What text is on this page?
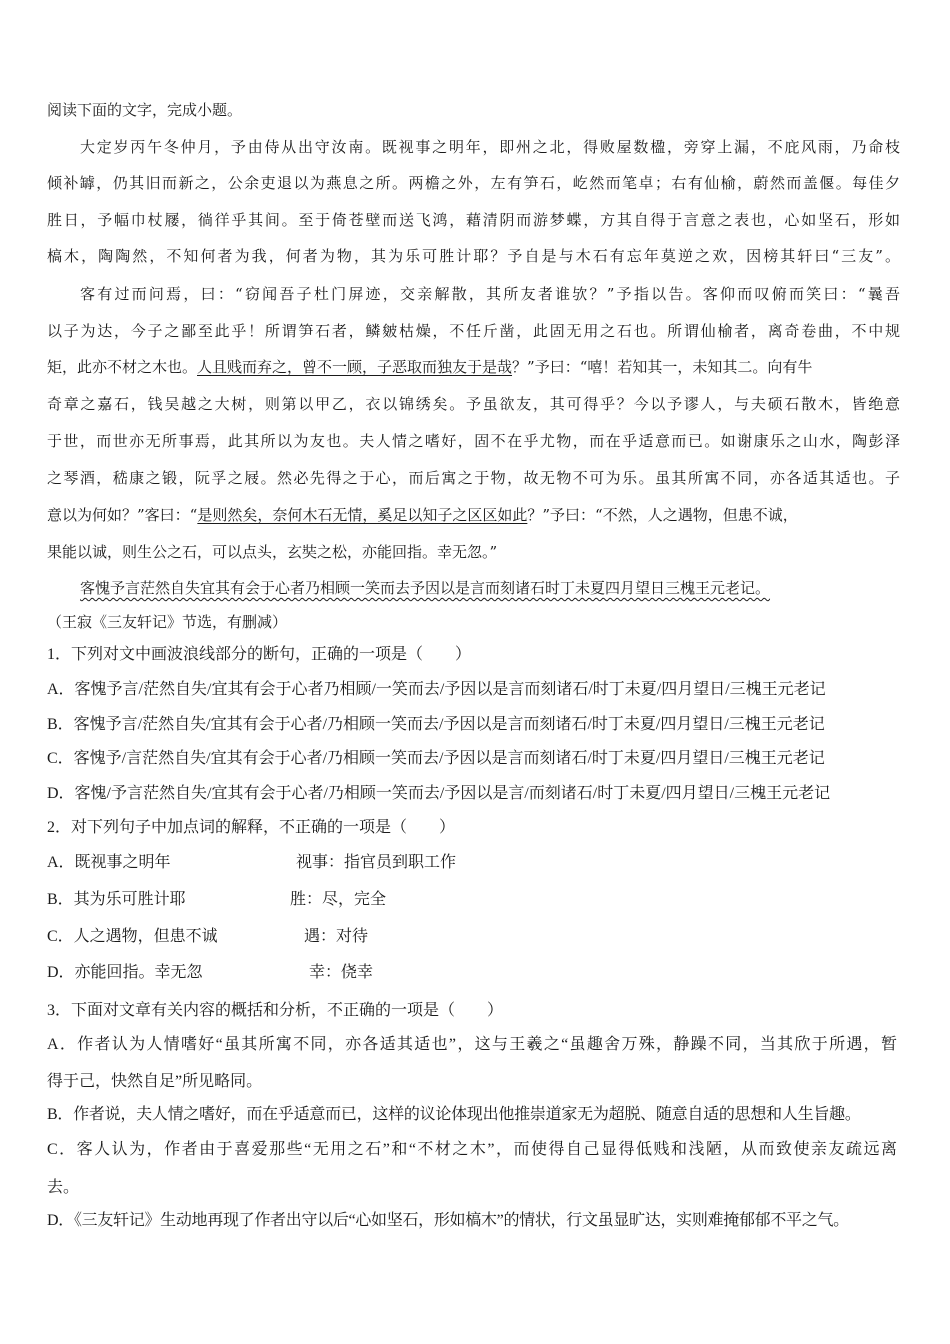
阅读下面的文字，完成小题。
大定岁丙午冬仲月，予由侍从出守汝南。既视事之明年，即州之北，得败屋数楹，旁穿上漏，不庇风雨，乃命枝
倾补罅，仍其旧而新之，公余吏退以为燕息之所。两檐之外，左有笋石，屹然而笔卓；右有仙榆，蔚然而盖偃。每佳夕
胜日，予幅巾杖屦，徜徉乎其间。至于倚苍壁而送飞鸿，藉清阴而游梦蝶，方其自得于言意之表也，心如坚石，形如
槁木，陶陶然，不知何者为我，何者为物，其为乐可胜计耶？予自是与木石有忘年莫逆之欢，因榜其轩曰“三友”。
客有过而问焉，曰：“窃闻吾子杜门屏迹，交亲解散，其所友者谁欤？”予指以告。客仰而叹俯而笑曰：“曩吾
以子为达，今子之鄙至此乎！所谓笋石者，鳞皴枯燥，不任斤凿，此固无用之石也。所谓仙榆者，离奇卷曲，不中规
矩，此亦不材之木也。 人且贱而弃之，曾不一顾，子恶取而独友于是哉 ？”予曰：“嘻！若知其一，未知其二。向有牛
奇章之嘉石，钱吴越之大树，则第以甲乙，衣以锦绣矣。予虽欲友，其可得乎？今以予谬人，与夫硕石散木，皆绝意
于世，而世亦无所事焉，此其所以为友也。夫人情之嗜好，固不在乎尤物，而在乎适意而已。如谢康乐之山水，陶彭泽
之琴酒，嵇康之锻，阮孚之屐。然必先得之于心，而后寓之于物，故无物不可为乐。虽其所寓不同，亦各适其适也。子
意以为何如？”客曰：“是则然矣，奈何木石无情，奚足以知子之区区如此？”予曰：“不然，人之遇物，但患不诚，
果能以诚，则生公之石，可以点头，玄奘之松，亦能回指。幸无忽。”
客愧予言茫然自失宜其有会于心者乃相顾一笑而去予因以是言而刻诸石时丁未夏四月望日三槐王元老记。
（王寂《三友轩记》节选，有删减）
1．下列对文中画波浪线部分的断句，正确的一项是（　　）
A．客愧予言/茫然自失/宜其有会于心者乃相顾/一笑而去/予因以是言而刻诸石/时丁未夏/四月望日/三槐王元老记
B．客愧予言/茫然自失/宜其有会于心者/乃相顾一笑而去/予因以是言而刻诸石/时丁未夏/四月望日/三槐王元老记
C．客愧予/言茫然自失/宜其有会于心者/乃相顾一笑而去/予因以是言而刻诸石/时丁未夏/四月望日/三槐王元老记
D．客愧/予言茫然自失/宜其有会于心者/乃相顾一笑而去/予因以是言/而刻诸石/时丁未夏/四月望日/三槐王元老记
2．对下列句子中加点词的解释，不正确的一项是（　　）
A．既视事之明年	视事：指官员到职工作
B．其为乐可胜计耶	胜：尽，完全
C．人之遇物，但患不诚	遇：对待
D．亦能回指。幸无忽	幸：侥幸
3．下面对文章有关内容的概括和分析，不正确的一项是（　　）
A．作者认为人情嗜好“虽其所寓不同，亦各适其适也”，这与王羲之“虽趣舍万殊，静躁不同，当其欣于所遇，暂
得于己，快然自足”所见略同。
B．作者说，夫人情之嗜好，而在乎适意而已，这样的议论体现出他推崇道家无为超脱、随意自适的思想和人生旨趣。
C．客人认为，作者由于喜爱那些“无用之石”和“不材之木”，而使得自己显得低贱和浅陋，从而致使亲友疏远离
去。
D．《三友轩记》生动地再现了作者出守以后“心如坚石，形如槁木”的情状，行文虽显旷达，实则难掩郁郁不平之气。
